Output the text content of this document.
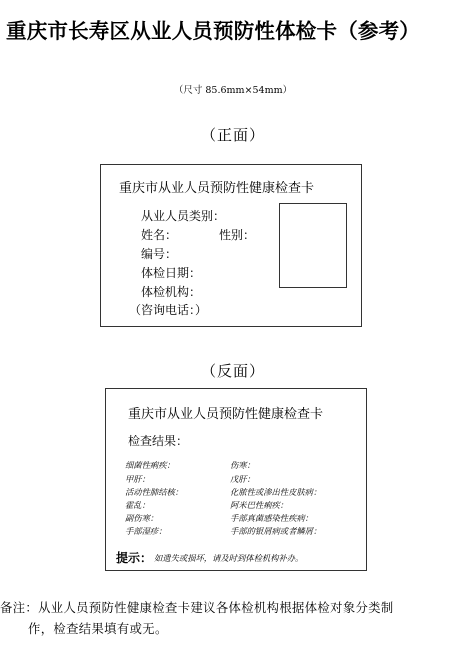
重庆市长寿区从业人员预防性体检卡（参考）
（尺寸 85.6mm×54mm）
（正面）
重庆市从业人员预防性健康检查卡
从业人员类别：
姓名：	性别：
编号：
体检日期：
体检机构：
（咨询电话：）
（反面）
重庆市从业人员预防性健康检查卡
检查结果：
细菌性痢疾：
甲肝：
活动性肺结核：
霍乱：
副伤寒：
手部湿疹：
伤寒：
戊肝：
化脓性或渗出性皮肤病：
阿米巴性痢疾：
手部真菌感染性疾病：
手部的银屑病或者鳞屑：
提示： 如遗失或损坏，请及时到体检机构补办。
备注：从业人员预防性健康检查卡建议各体检机构根据体检对象分类制
作，检查结果填有或无。
